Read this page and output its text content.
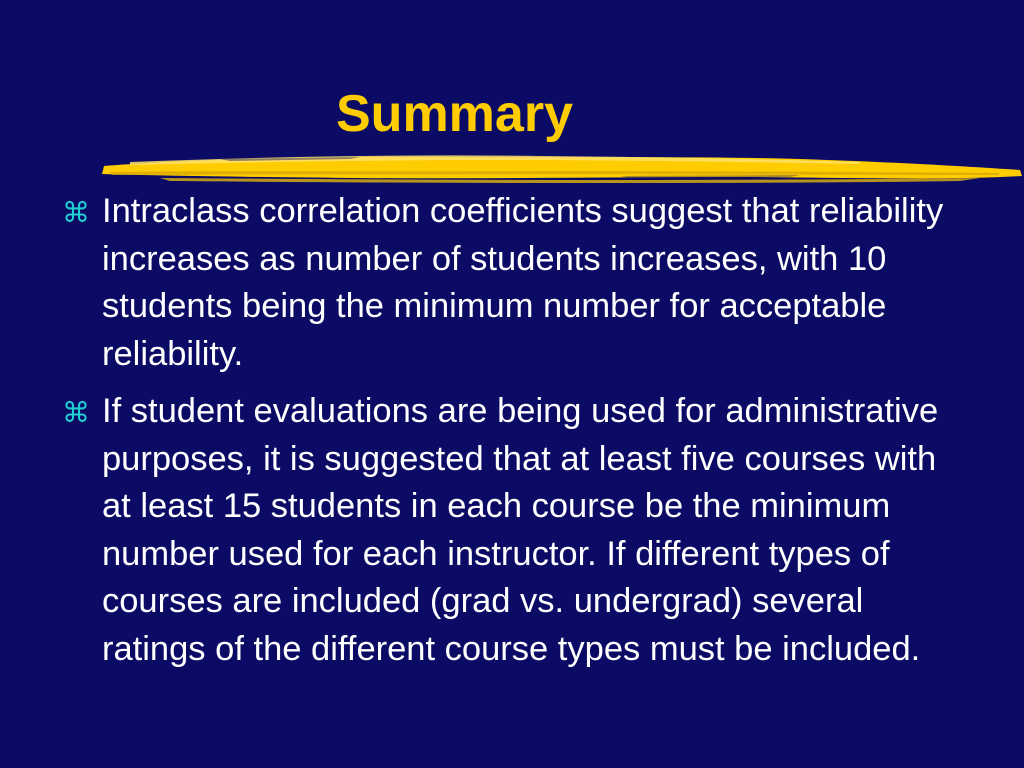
Summary
⌘ Intraclass correlation coefficients suggest that reliability increases as number of students increases, with 10 students being the minimum number for acceptable reliability.
⌘ If student evaluations are being used for administrative purposes, it is suggested that at least five courses with at least 15 students in each course be the minimum number used for each instructor. If different types of courses are included (grad vs. undergrad) several ratings of the different course types must be included.
